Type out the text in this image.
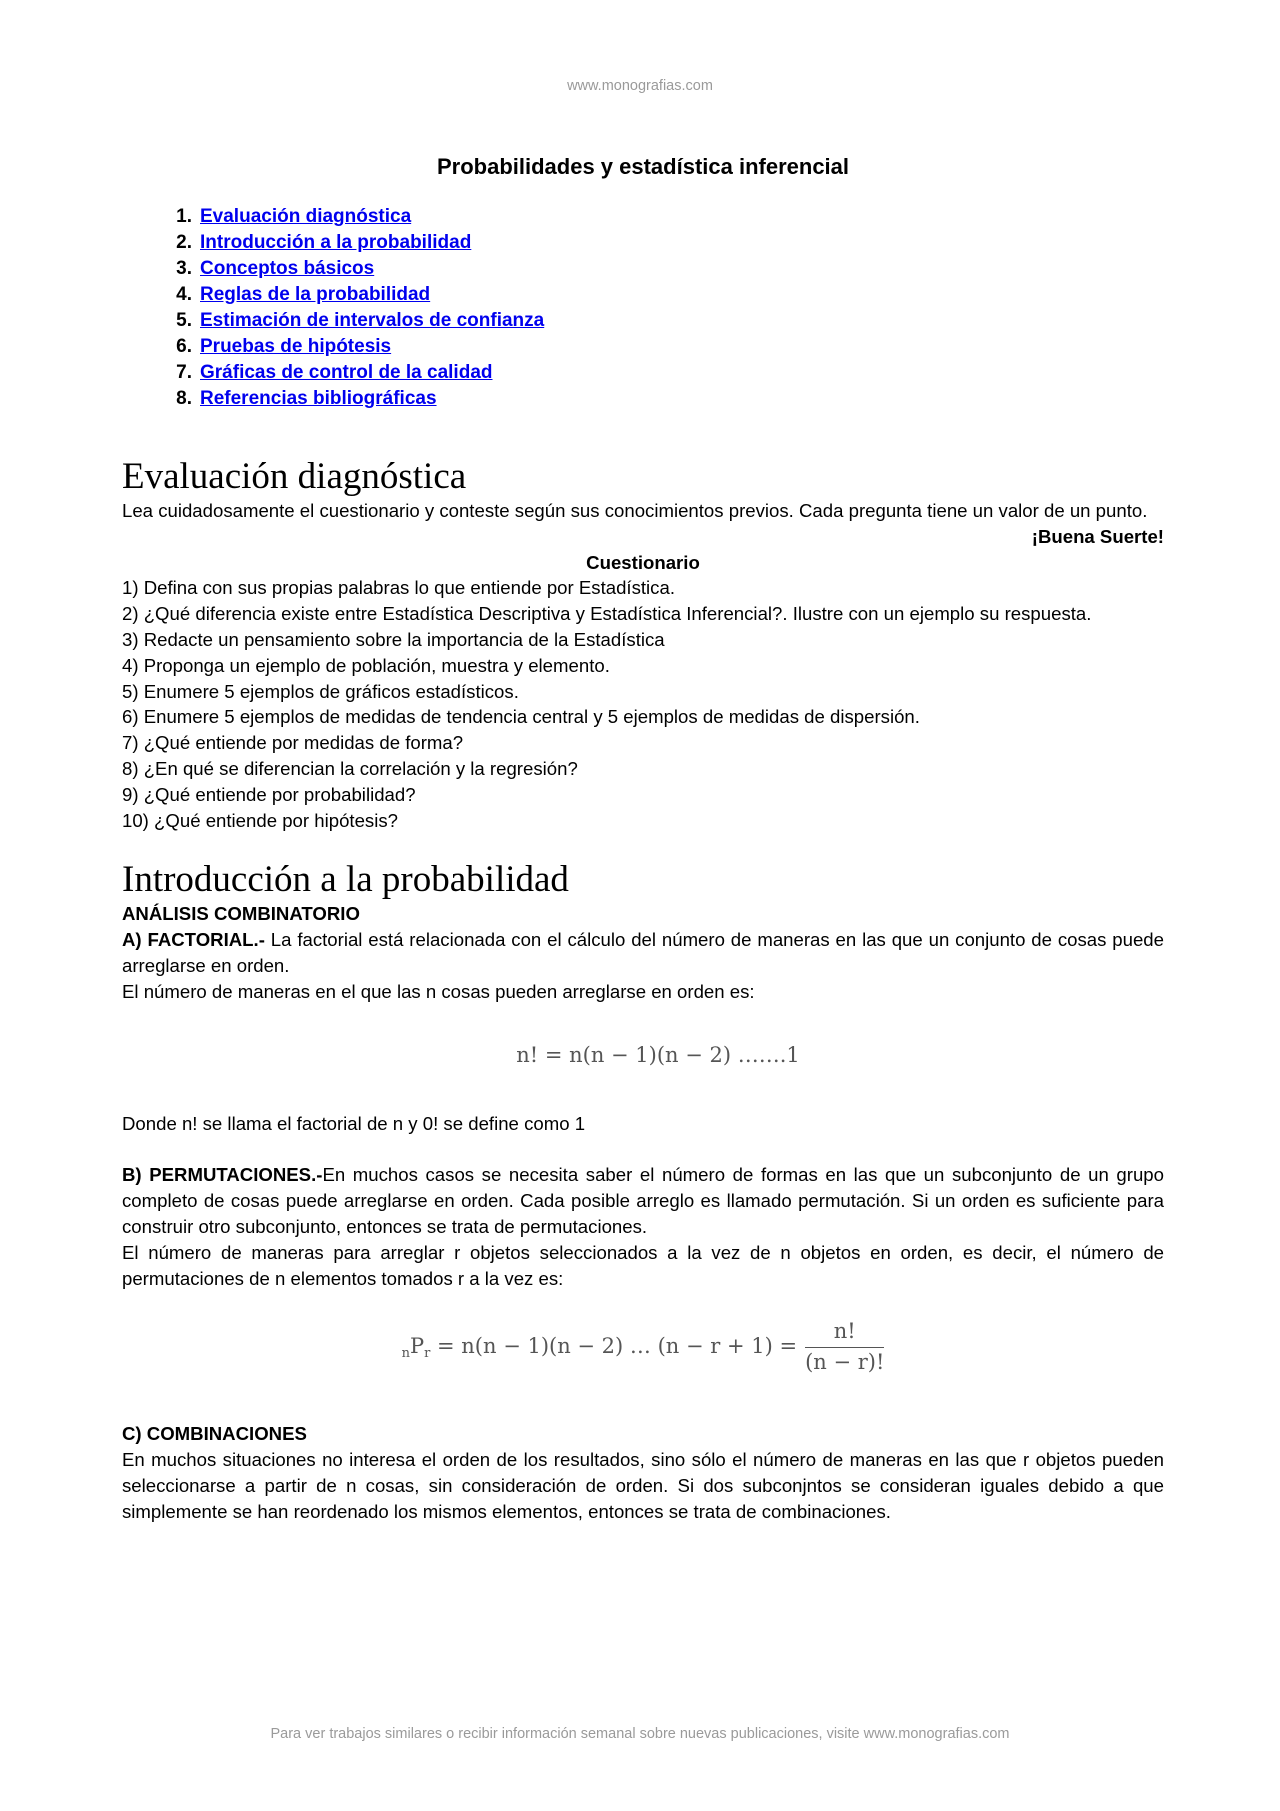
www.monografias.com
Probabilidades y estadística inferencial
1. Evaluación diagnóstica
2. Introducción a la probabilidad
3. Conceptos básicos
4. Reglas de la probabilidad
5. Estimación de intervalos de confianza
6. Pruebas de hipótesis
7. Gráficas de control de la calidad
8. Referencias bibliográficas
Evaluación diagnóstica

Lea cuidadosamente el cuestionario y conteste según sus conocimientos previos. Cada pregunta tiene un valor de un punto.

¡Buena Suerte!

Cuestionario

1) Defina con sus propias palabras lo que entiende por Estadística.

2) ¿Qué diferencia existe entre Estadística Descriptiva y Estadística Inferencial?. Ilustre con un ejemplo su respuesta.

3) Redacte un pensamiento sobre la importancia de la Estadística

4) Proponga un ejemplo de población, muestra y elemento.

5) Enumere 5 ejemplos de gráficos estadísticos.

6) Enumere 5 ejemplos de medidas de tendencia central y 5 ejemplos de medidas de dispersión.

7) ¿Qué entiende por medidas de forma?

8) ¿En qué se diferencian la correlación y la regresión?

9) ¿Qué entiende por probabilidad?

10) ¿Qué entiende por hipótesis?

Introducción a la probabilidad

ANÁLISIS COMBINATORIO

A) FACTORIAL.- La factorial está relacionada con el cálculo del número de maneras en las que un conjunto de cosas puede arreglarse en orden.

El número de maneras en el que las n cosas pueden arreglarse en orden es:

n! = n(n − 1)(n − 2) …….1

Donde n! se llama el factorial de n y 0! se define como 1

B) PERMUTACIONES.-En muchos casos se necesita saber el número de formas en las que un subconjunto de un grupo completo de cosas puede arreglarse en orden. Cada posible arreglo es llamado permutación. Si un orden es suficiente para construir otro subconjunto, entonces se trata de permutaciones.

El número de maneras para arreglar r objetos seleccionados a la vez de n objetos en orden, es decir, el número de permutaciones de n elementos tomados r a la vez es:

$_nP_r = n(n - 1)(n - 2)$ … $(n - r + 1) = \frac{n!}{(n - r)!}$

C) COMBINACIONES

En muchos situaciones no interesa el orden de los resultados, sino sólo el número de maneras en las que r objetos pueden seleccionarse a partir de n cosas, sin consideración de orden. Si dos subconjntos se consideran iguales debido a que simplemente se han reordenado los mismos elementos, entonces se trata de combinaciones.

Para ver trabajos similares o recibir información semanal sobre nuevas publicaciones, visite www.monografias.com
